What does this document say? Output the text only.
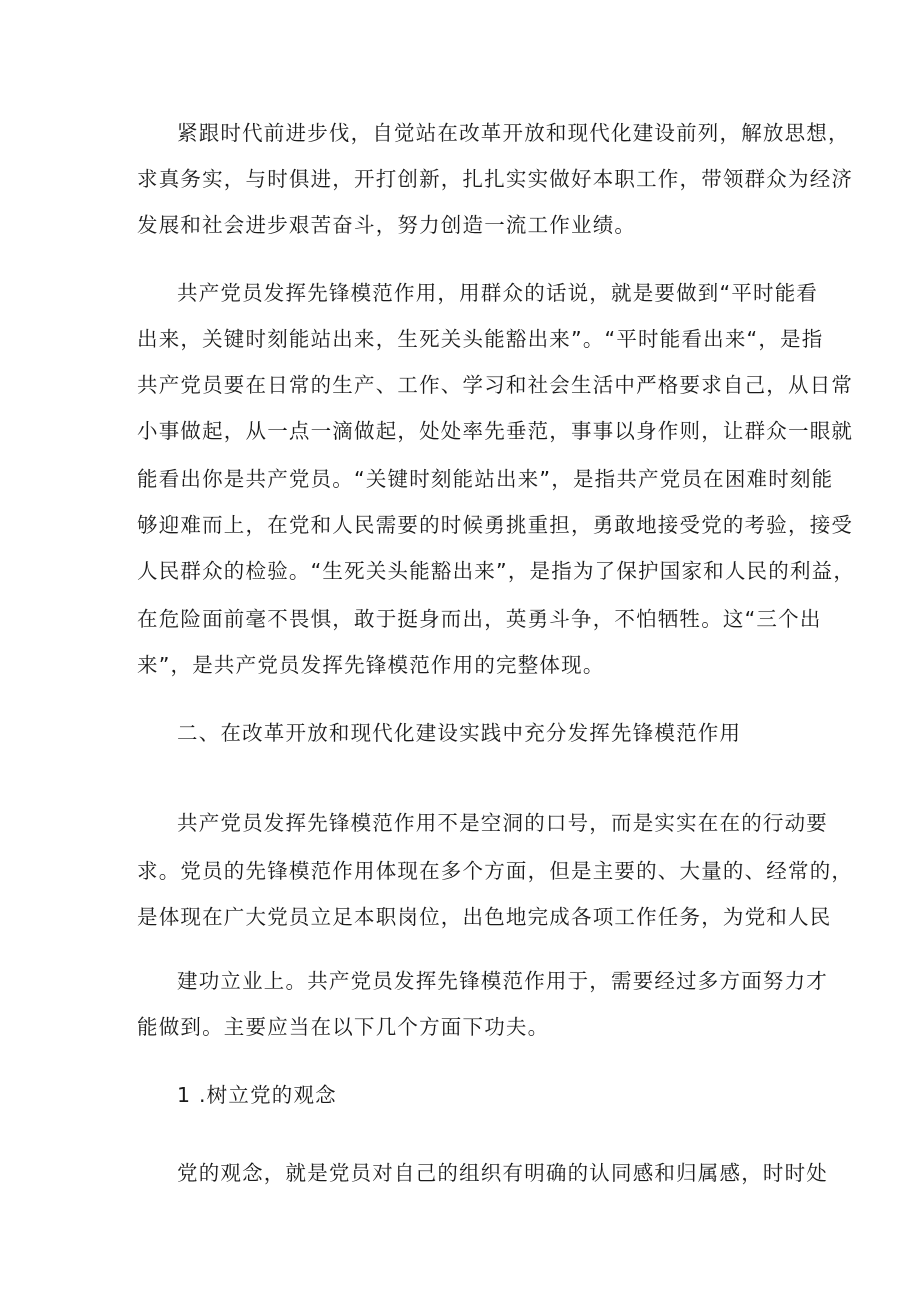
紧跟时代前进步伐，自觉站在改革开放和现代化建设前列，解放思想，
求真务实，与时俱进，开打创新，扎扎实实做好本职工作，带领群众为经济
发展和社会进步艰苦奋斗，努力创造一流工作业绩。
共产党员发挥先锋模范作用，用群众的话说，就是要做到“平时能看
出来，关键时刻能站出来，生死关头能豁出来”。“平时能看出来“，是指
共产党员要在日常的生产、工作、学习和社会生活中严格要求自己，从日常
小事做起，从一点一滴做起，处处率先垂范，事事以身作则，让群众一眼就
能看出你是共产党员。“关键时刻能站出来”，是指共产党员在困难时刻能
够迎难而上，在党和人民需要的时候勇挑重担，勇敢地接受党的考验，接受
人民群众的检验。“生死关头能豁出来”，是指为了保护国家和人民的利益，
在危险面前毫不畏惧，敢于挺身而出，英勇斗争，不怕牺牲。这“三个出
来”，是共产党员发挥先锋模范作用的完整体现。
二、在改革开放和现代化建设实践中充分发挥先锋模范作用
共产党员发挥先锋模范作用不是空洞的口号，而是实实在在的行动要
求。党员的先锋模范作用体现在多个方面，但是主要的、大量的、经常的，
是体现在广大党员立足本职岗位，出色地完成各项工作任务，为党和人民
建功立业上。共产党员发挥先锋模范作用于，需要经过多方面努力才
能做到。主要应当在以下几个方面下功夫。
1 .树立党的观念
党的观念，就是党员对自己的组织有明确的认同感和归属感，时时处
